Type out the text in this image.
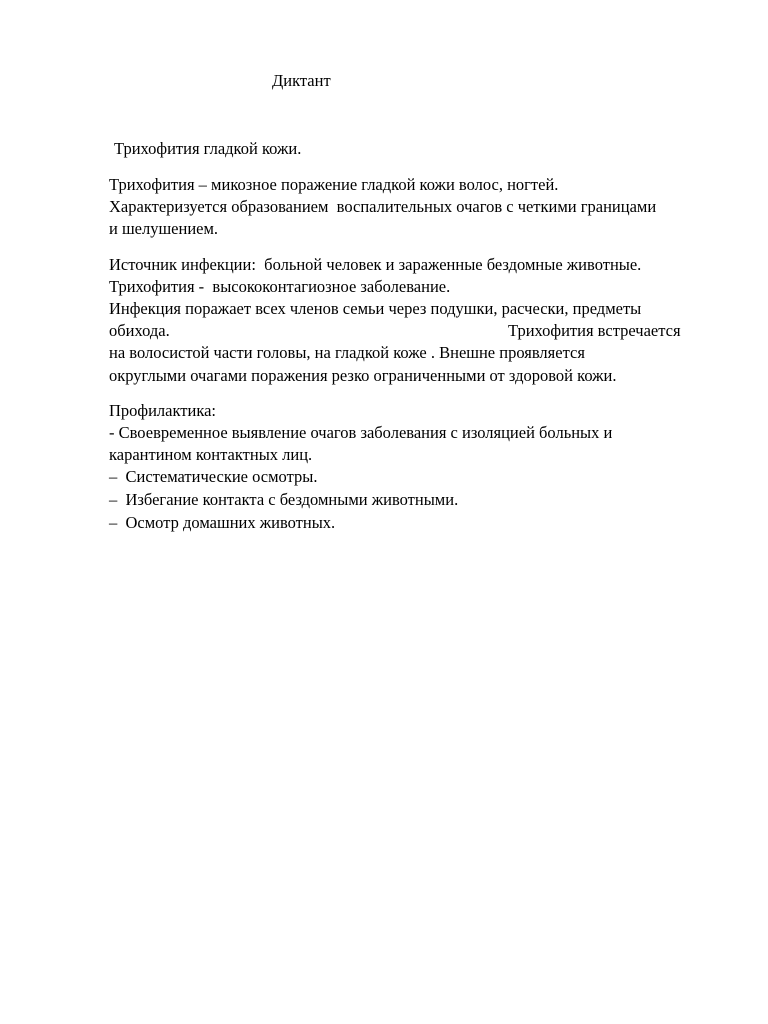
Диктант
Трихофития гладкой кожи.
Трихофития – микозное поражение гладкой кожи волос, ногтей.
Характеризуется образованием  воспалительных очагов с четкими границами
и шелушением.
Источник инфекции:  больной человек и зараженные бездомные животные.
Трихофития -  высококонтагиозное заболевание.
Инфекция поражает всех членов семьи через подушки, расчески, предметы
обихода.	Трихофития встречается
на волосистой части головы, на гладкой коже . Внешне проявляется
округлыми очагами поражения резко ограниченными от здоровой кожи.
Профилактика:
- Своевременное выявление очагов заболевания с изоляцией больных и
карантином контактных лиц.
–  Систематические осмотры.
–  Избегание контакта с бездомными животными.
–  Осмотр домашних животных.
